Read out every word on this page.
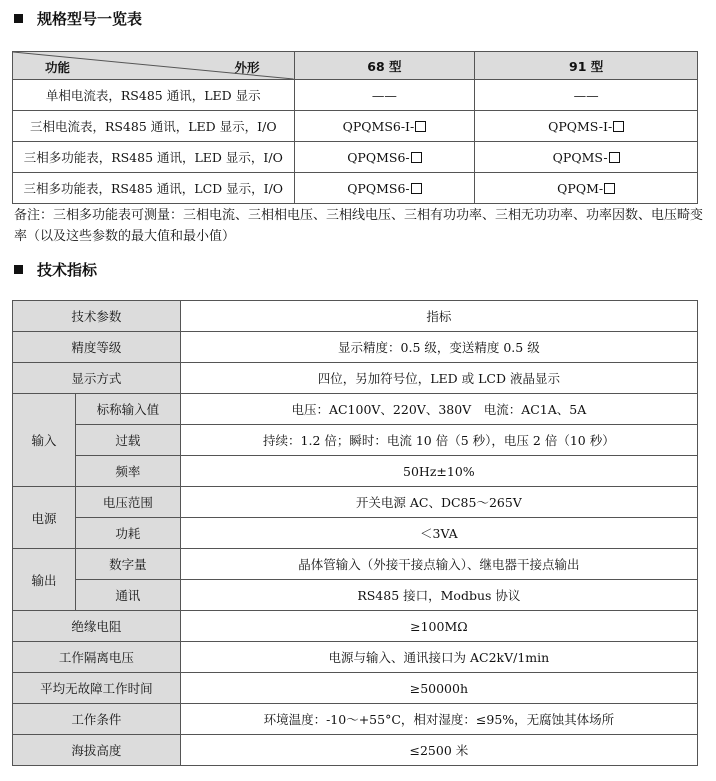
规格型号一览表
功能 外形	68 型	91 型
单相电流表，RS485 通讯，LED 显示	——	——
三相电流表，RS485 通讯，LED 显示，I/O	QPQMS6-I-	QPQMS-I-
三相多功能表，RS485 通讯，LED 显示，I/O	QPQMS6-	QPQMS-
三相多功能表，RS485 通讯，LCD 显示，I/O	QPQMS6-	QPQM-
备注：三相多功能表可测量：三相电流、三相相电压、三相线电压、三相有功功率、三相无功功率、功率因数、电压畸变率（以及这些参数的最大值和最小值）
技术指标
技术参数		指标
精度等级		显示精度：0.5 级，变送精度 0.5 级
显示方式		四位，另加符号位，LED 或 LCD 液晶显示
输入	标称输入值	电压：AC100V、220V、380V　电流：AC1A、5A
	过载	持续：1.2 倍；瞬时：电流 10 倍（5 秒），电压 2 倍（10 秒）
	频率	50Hz±10%
电源	电压范围	开关电源 AC、DC85～265V
	功耗	＜3VA
输出	数字量	晶体管输入（外接干接点输入）、继电器干接点输出
	通讯	RS485 接口，Modbus 协议
绝缘电阻		≥100MΩ
工作隔离电压		电源与输入、通讯接口为 AC2kV/1min
平均无故障工作时间		≥50000h
工作条件		环境温度：-10～+55°C，相对湿度：≤95%，无腐蚀其体场所
海拔高度		≤2500 米
